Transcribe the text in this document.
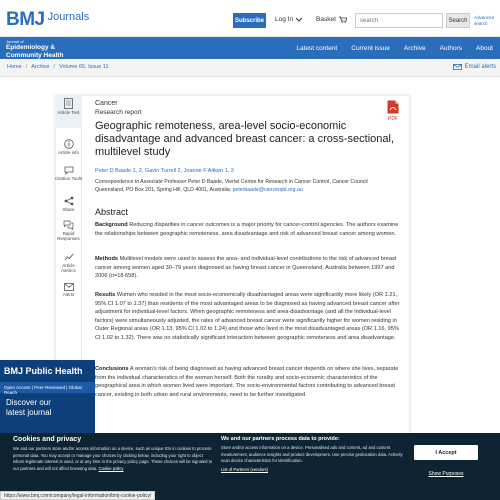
BMJ Journals	Subscribe	Log In	Basket
search	Search	Advanced search
Journal of
Epidemiology &
Community Health
Latest content	Current issue	Archive	Authors	About
Home / Archive / Volume 65, Issue 11	Email alerts
Article Text
Article info
Citation Tools
Share
Rapid Responses
Article metrics
Alerts
Cancer
Research report
PDF
Geographic remoteness, area-level socio-economic disadvantage and advanced breast cancer: a cross-sectional, multilevel study
Peter D Baade 1, 2, Gavin Turrell 2, Joanne F Aitken 1, 3
Correspondence to Associate Professor Peter D Baade, Viertel Centre for Research in Cancer Control, Cancer Council Queensland, PO Box 201, Spring Hill, QLD 4001, Australia; peterbaade@cancerqld.org.au
Abstract
Background Reducing disparities in cancer outcomes is a major priority for cancer-control agencies. The authors examine the relationships between geographic remoteness, area disadvantage and risk of advanced breast cancer among women.
Methods Multilevel models were used to assess the area- and individual-level contributions to the risk of advanced breast cancer among women aged 30–79 years diagnosed as having breast cancer in Queensland, Australia between 1997 and 2006 (n=18 658).
Results Women who resided in the most socio-economically disadvantaged areas were significantly more likely (OR 1.21, 95% CI 1.07 to 1.37) than residents of the most advantaged areas to be diagnosed as having advanced breast cancer after adjustment for individual-level factors. When geographic remoteness and area-disadvantage (and all the individual-level factors) were simultaneously adjusted, the rates of advanced breast cancer were significantly higher for women residing in Outer Regional areas (OR 1.13, 95% CI 1.02 to 1.24) and those who lived in the most disadvantaged areas (OR 1.16, 95% CI 1.02 to 1.32). There was no statistically significant interaction between geographic remoteness and area disadvantage.
Conclusions A woman's risk of being diagnosed as having advanced breast cancer depends on where she lives, separate from the individual characteristics of the woman herself. Both the rurality and socio-economic characteristics of the geographical area in which women lived were important. The socio-environmental factors contributing to advanced breast cancer, existing in both urban and rural environments, need to be further investigated.
BMJ Public Health
Open Access | Peer-Reviewed | Global Reach
Discover our
latest journal
Cookies and privacy
We and our partners store and/or access information on a device, such as unique IDs in cookies to process personal data. You may accept or manage your choices by clicking below, including your right to object where legitimate interest is used, or at any time in the privacy policy page. These choices will be signaled to our partners and will not affect browsing data. Cookie policy
We and our partners process data to provide:
Store and/or access information on a device. Personalised ads and content, ad and content measurement, audience insights and product development. Use precise geolocation data. Actively scan device characteristics for identification.
List of Partners (vendors)
I Accept
Show Purposes
https://www.bmj.com/company/legal-information/bmj-cookie-policy/
